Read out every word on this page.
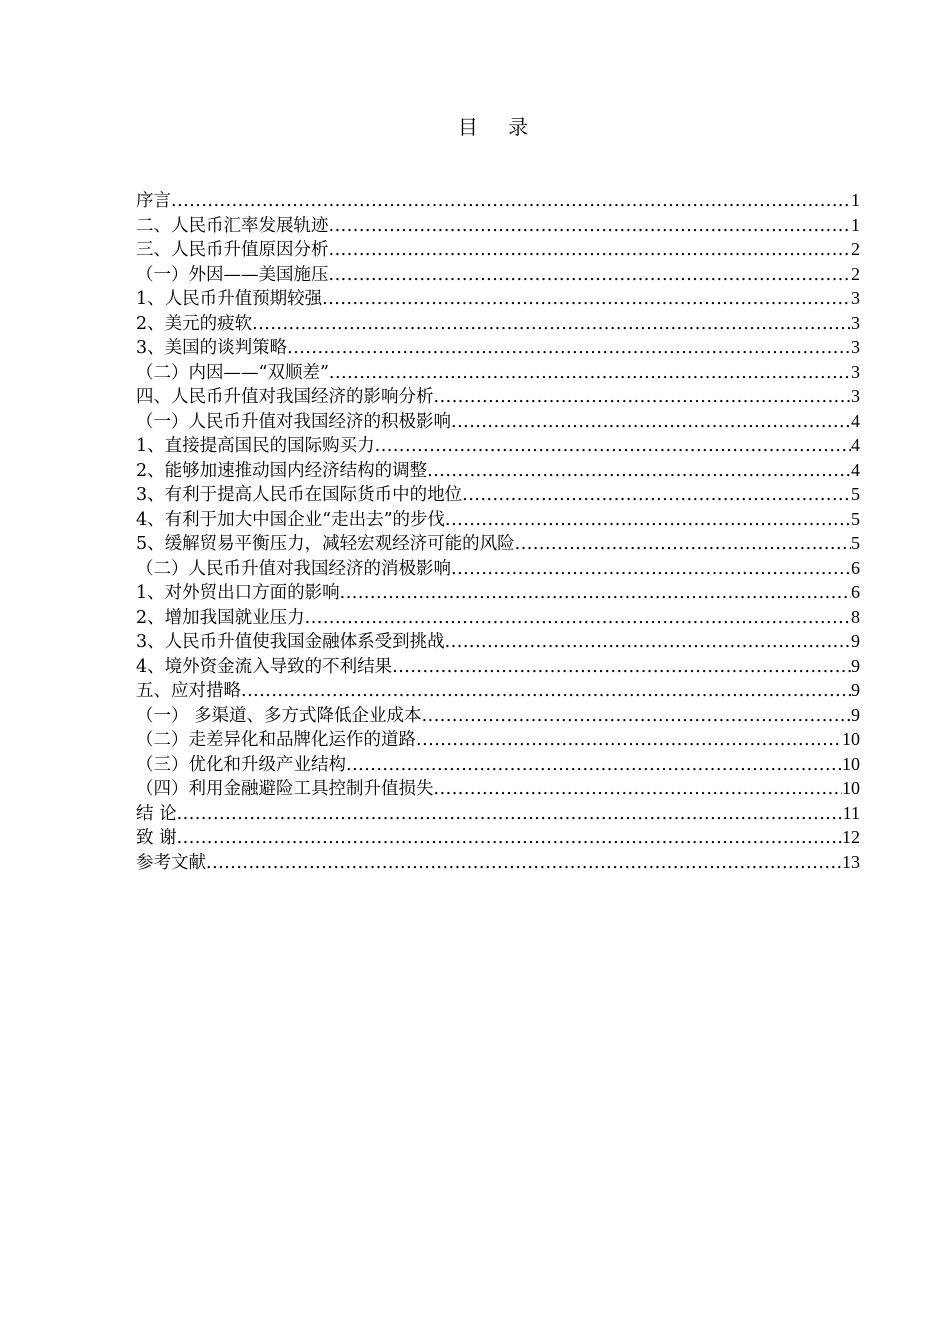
目 录
序言 .....	1
二、人民币汇率发展轨迹 .....	1
三、人民币升值原因分析 .....	2
（一）外因——美国施压 .....	2
1、人民币升值预期较强 .....	3
2、美元的疲软 .....	3
3、美国的谈判策略 .....	3
（二）内因——“双顺差” .....	3
四、人民币升值对我国经济的影响分析 .....	3
（一）人民币升值对我国经济的积极影响 .....	4
1、直接提高国民的国际购买力 .....	4
2、能够加速推动国内经济结构的调整 .....	4
3、有利于提高人民币在国际货币中的地位 .....	5
4、有利于加大中国企业“走出去”的步伐 .....	5
5、缓解贸易平衡压力，减轻宏观经济可能的风险 .....	5
（二）人民币升值对我国经济的消极影响 .....	6
1、对外贸出口方面的影响 .....	6
2、增加我国就业压力 .....	8
3、人民币升值使我国金融体系受到挑战 .....	9
4、境外资金流入导致的不利结果 .....	9
五、应对措略 .....	9
（一） 多渠道、多方式降低企业成本 .....	9
（二）走差异化和品牌化运作的道路 .....	10
（三）优化和升级产业结构 .....	10
（四）利用金融避险工具控制升值损失 .....	10
结 论 .....	11
致 谢 .....	12
参考文献 .....	13
